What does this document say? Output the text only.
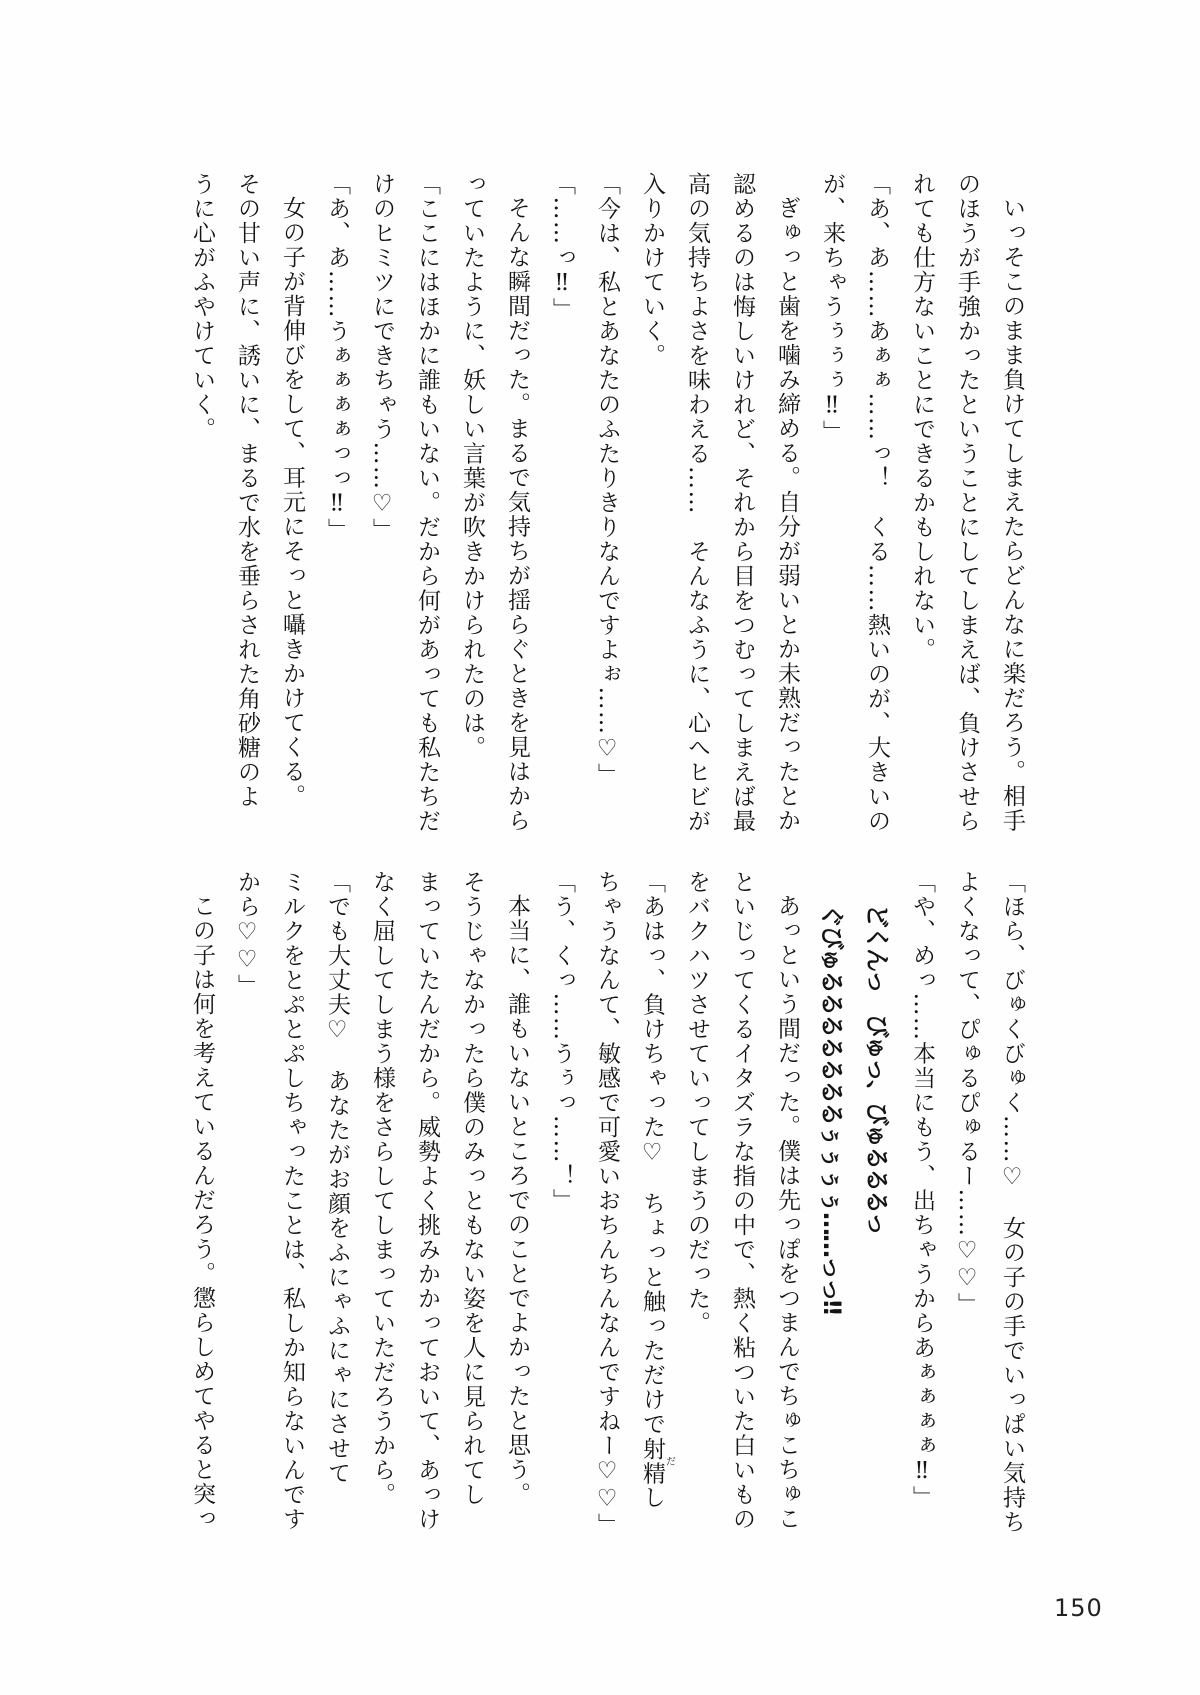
いっそこのまま負けてしまえたらどんなに楽だろう。相手

のほうが手強かったということにしてしまえば、負けさせら

れても仕方ないことにできるかもしれない。

「あ、あ……あぁぁ……っ！　くる……熱いのが、大きいの

が、来ちゃうぅぅぅ‼」

ぎゅっと歯を噛み締める。自分が弱いとか未熟だったとか

認めるのは悔しいけれど、それから目をつむってしまえば最

高の気持ちよさを味わえる……　そんなふうに、心へヒビが

入りかけていく。

「今は、私とあなたのふたりきりなんですよぉ……♡」

「……っ‼」

そんな瞬間だった。まるで気持ちが揺らぐときを見はから

っていたように、妖しい言葉が吹きかけられたのは。

「ここにはほかに誰もいない。だから何があっても私たちだ

けのヒミツにできちゃう……♡」

「あ、あ……うぁぁぁぁっっ‼」

女の子が背伸びをして、耳元にそっと囁きかけてくる。

その甘い声に、誘いに、まるで水を垂らされた角砂糖のよ

うに心がふやけていく。

「ほら、びゅくびゅく……♡　女の子の手でいっぱい気持ち

よくなって、ぴゅるぴゅるー……♡♡」

「や、めっ……本当にもう、出ちゃうからあぁぁぁぁ‼」

どくんっ　びゅっ、びゅるるるっ

ぐびゅるるるるるるるぅぅぅぅ……っっ‼

あっという間だった。僕は先っぽをつまんでちゅこちゅこ

といじってくるイタズラな指の中で、熱く粘ついた白いもの

をバクハツさせていってしまうのだった。

「あはっ、負けちゃった♡　ちょっと触っただけで射精だし

ちゃうなんて、敏感で可愛いおちんちんなんですねー♡♡」

「う、くっ……うぅっ……！」

本当に、誰もいないところでのことでよかったと思う。

そうじゃなかったら僕のみっともない姿を人に見られてし

まっていたんだから。威勢よく挑みかかっておいて、あっけ

なく屈してしまう様をさらしてしまっていただろうから。

「でも大丈夫♡　あなたがお顔をふにゃふにゃにさせて

ミルクをとぷとぷしちゃったことは、私しか知らないんです

から♡♡」

この子は何を考えているんだろう。懲らしめてやると突っ

150
